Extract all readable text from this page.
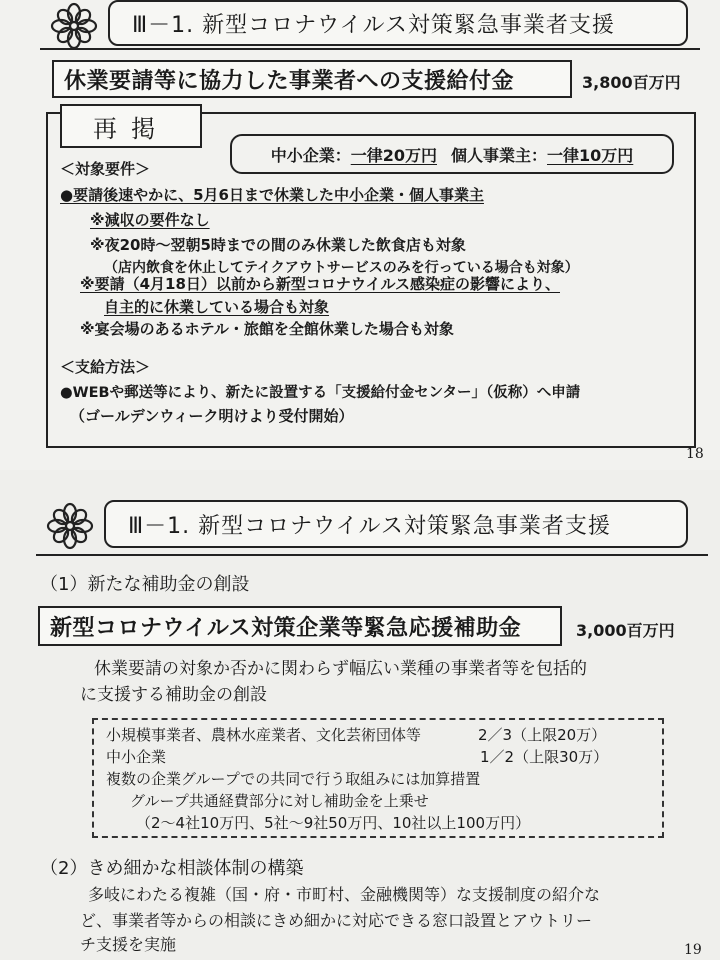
Ⅲ－1. 新型コロナウイルス対策緊急事業者支援
休業要請等に協力した事業者への支援給付金	3,800百万円
再掲
中小企業：一律20万円 個人事業主：一律10万円
＜対象要件＞
●要請後速やかに、5月6日まで休業した中小企業・個人事業主
※減収の要件なし
※夜20時～翌朝5時までの間のみ休業した飲食店も対象
（店内飲食を休止してテイクアウトサービスのみを行っている場合も対象）
※要請（4月18日）以前から新型コロナウイルス感染症の影響により、
自主的に休業している場合も対象
※宴会場のあるホテル・旅館を全館休業した場合も対象
＜支給方法＞
●WEBや郵送等により、新たに設置する「支援給付金センター」（仮称）へ申請
（ゴールデンウィーク明けより受付開始）
18
Ⅲ－1. 新型コロナウイルス対策緊急事業者支援
（1）新たな補助金の創設
新型コロナウイルス対策企業等緊急応援補助金	3,000百万円
休業要請の対象か否かに関わらず幅広い業種の事業者等を包括的
に支援する補助金の創設
小規模事業者、農林水産業者、文化芸術団体等	2／3（上限20万）
中小企業	1／2（上限30万）
複数の企業グループでの共同で行う取組みには加算措置
グループ共通経費部分に対し補助金を上乗せ
（2～4社10万円、5社～9社50万円、10社以上100万円）
（2）きめ細かな相談体制の構築
多岐にわたる複雑（国・府・市町村、金融機関等）な支援制度の紹介な
ど、事業者等からの相談にきめ細かに対応できる窓口設置とアウトリー
チ支援を実施	19
